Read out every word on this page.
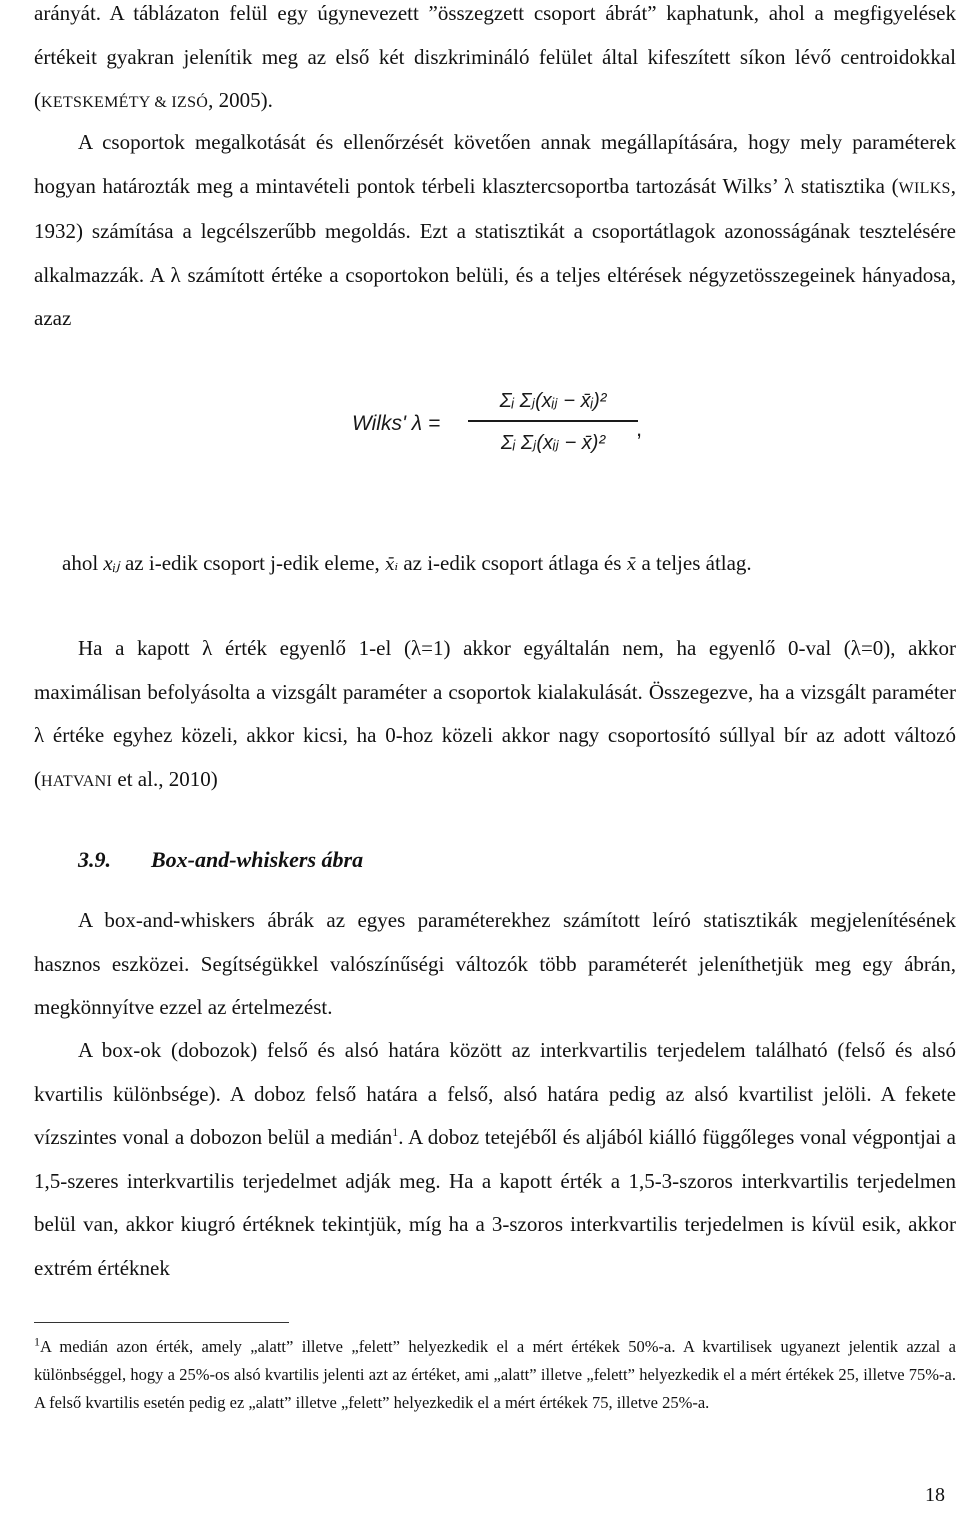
arányát. A táblázaton felül egy úgynevezett ”összegzett csoport ábrát” kaphatunk, ahol a megfigyelések értékeit gyakran jelenítik meg az első két diszkrimináló felület által kifeszített síkon lévő centroidokkal (KETSKEMÉTY & IZSÓ, 2005).

A csoportok megalkotását és ellenőrzését követően annak megállapítására, hogy mely paraméterek hogyan határozták meg a mintavételi pontok térbeli klasztercsoportba tartozását Wilks’ λ statisztika (WILKS, 1932) számítása a legcélszerűbb megoldás. Ezt a statisztikát a csoportátlagok azonosságának tesztelésére alkalmazzák. A λ számított értéke a csoportokon belüli, és a teljes eltérések négyzetösszegeinek hányadosa, azaz

Wilks' λ =
Σᵢ Σⱼ(xᵢⱼ − x̄ᵢ)²
Σᵢ Σⱼ(xᵢⱼ − x̄)²
,

ahol xᵢⱼ az i-edik csoport j-edik eleme, x̄ᵢ az i-edik csoport átlaga és x̄ a teljes átlag.

Ha a kapott λ érték egyenlő 1-el (λ=1) akkor egyáltalán nem, ha egyenlő 0-val (λ=0), akkor maximálisan befolyásolta a vizsgált paraméter a csoportok kialakulását. Összegezve, ha a vizsgált paraméter λ értéke egyhez közeli, akkor kicsi, ha 0-hoz közeli akkor nagy csoportosító súllyal bír az adott változó (HATVANI et al., 2010)

3.9. Box-and-whiskers ábra

A box-and-whiskers ábrák az egyes paraméterekhez számított leíró statisztikák megjelenítésének hasznos eszközei. Segítségükkel valószínűségi változók több paraméterét jeleníthetjük meg egy ábrán, megkönnyítve ezzel az értelmezést.

A box-ok (dobozok) felső és alsó határa között az interkvartilis terjedelem található (felső és alsó kvartilis különbsége). A doboz felső határa a felső, alsó határa pedig az alsó kvartilist jelöli. A fekete vízszintes vonal a dobozon belül a medián$^1$. A doboz tetejéből és aljából kiálló függőleges vonal végpontjai a 1,5-szeres interkvartilis terjedelmet adják meg. Ha a kapott érték a 1,5-3-szoros interkvartilis terjedelmen belül van, akkor kiugró értéknek tekintjük, míg ha a 3-szoros interkvartilis terjedelmen is kívül esik, akkor extrém értéknek

$^1$A medián azon érték, amely „alatt” illetve „felett” helyezkedik el a mért értékek 50%-a. A kvartilisek ugyanezt jelentik azzal a különbséggel, hogy a 25%-os alsó kvartilis jelenti azt az értéket, ami „alatt” illetve „felett” helyezkedik el a mért értékek 25, illetve 75%-a. A felső kvartilis esetén pedig ez „alatt” illetve „felett” helyezkedik el a mért értékek 75, illetve 25%-a.

18
